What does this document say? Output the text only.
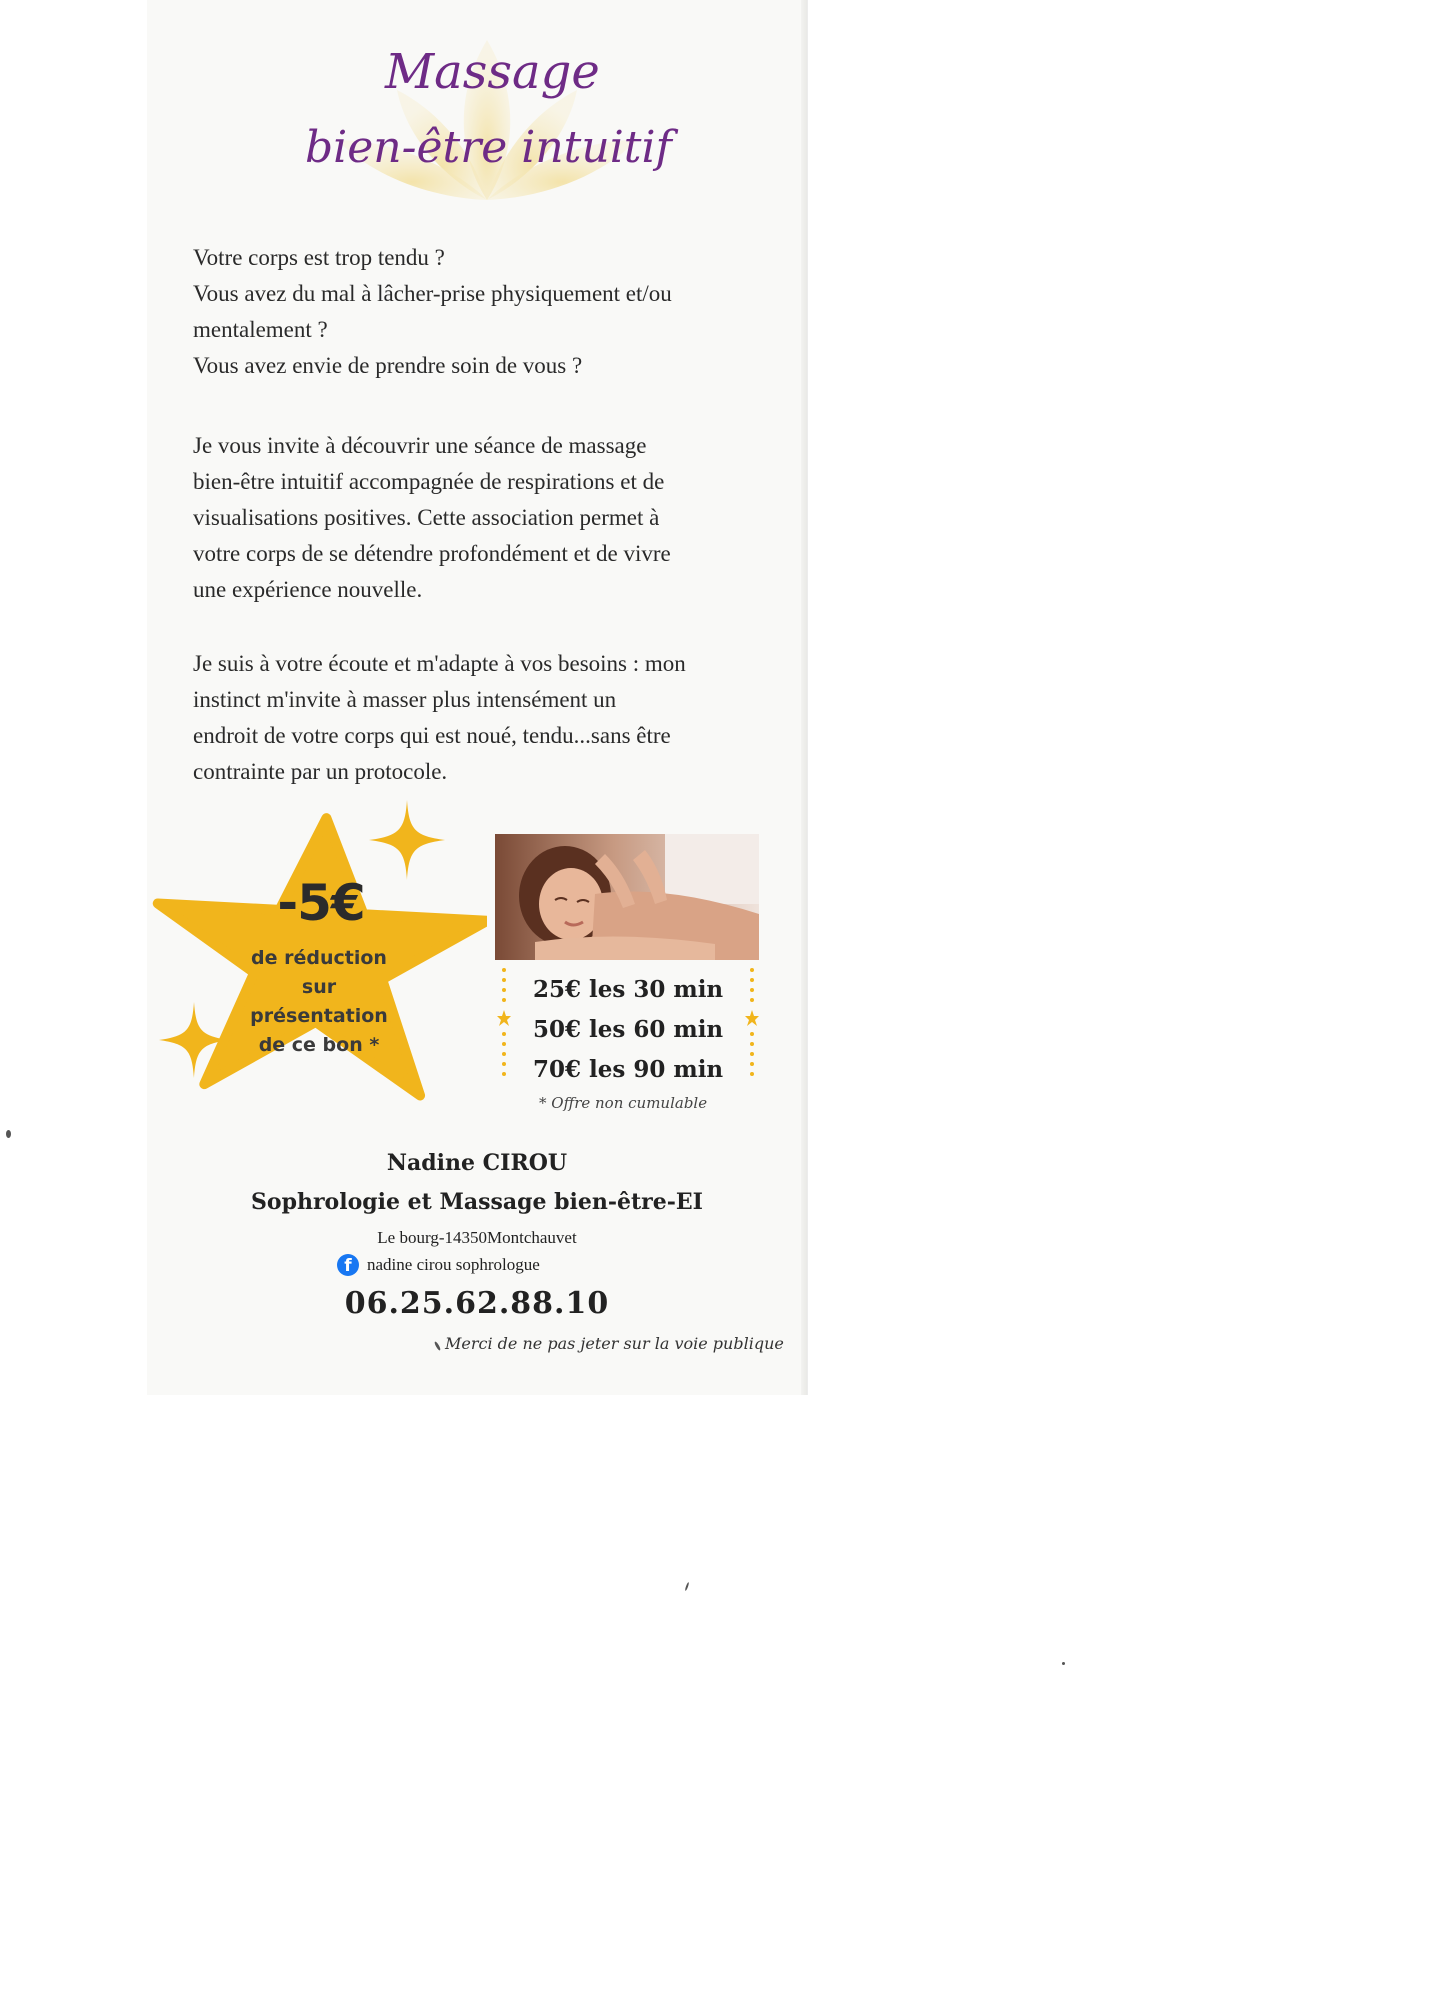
Massage
bien-être intuitif

Votre corps est trop tendu ?
Vous avez du mal à lâcher-prise physiquement et/ou
mentalement ?
Vous avez envie de prendre soin de vous ?

Je vous invite à découvrir une séance de massage
bien-être intuitif accompagnée de respirations et de
visualisations positives. Cette association permet à
votre corps de se détendre profondément et de vivre
une expérience nouvelle.

Je suis à votre écoute et m'adapte à vos besoins : mon
instinct m'invite à masser plus intensément un
endroit de votre corps qui est noué, tendu...sans être
contrainte par un protocole.

-5€
de réduction
sur
présentation
de ce bon *
25€ les 30 min
50€ les 60 min
70€ les 90 min
* Offre non cumulable
Nadine CIROU
Sophrologie et Massage bien-être-EI
Le bourg-14350Montchauvet
f nadine cirou sophrologue
06.25.62.88.10
Merci de ne pas jeter sur la voie publique
